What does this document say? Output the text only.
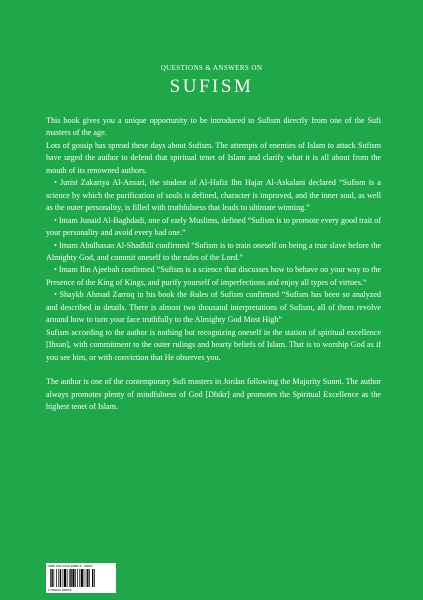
QUESTIONS & ANSWERS ON
SUFISM

This book gives you a unique opportunity to be introduced to Sufism directly from one of the Sufi masters of the age.

Lots of gossip has spread these days about Sufism. The attempts of enemies of Islam to attack Sufism have urged the author to defend that spiritual tenet of Islam and clarify what it is all about from the mouth of its renowned authors.

• Jurist Zakariya Al-Ansari, the student of Al-Hafiz Ibn Hajar Al-Askalani declared “Sufism is a science by which the purification of souls is defined, character is improved, and the inner soul, as well as the outer personality, is filled with truthfulness that leads to ultimate winning.”

• Imam Junaid Al-Baghdadi, one of early Muslims, defined “Sufism is to promote every good trait of your personality and avoid every bad one.”

• Imam Abulhasan Al-Shadhili confirmed “Sufism is to train oneself on being a true slave before the Almighty God, and commit oneself to the rules of the Lord.”

• Imam Ibn Ajeebah confirmed “Sufism is a science that discusses how to behave on your way to the Presence of the King of Kings, and purify yourself of imperfections and enjoy all types of virtues.”

• Shaykh Ahmad Zarroq in his book the Rules of Sufism confirmed “Sufism has been so analyzed and described in details. There is almost two thousand interpretations of Sufism, all of them revolve around how to turn your face truthfully to the Almighty God Most High”

Sufism according to the author is nothing but recognizing oneself in the station of spiritual excellence [Ihsan], with commitment to the outer rulings and hearty beliefs of Islam. That is to worship God as if you see him, or with conviction that He observes you.

The author is one of the contemporary Sufi masters in Jordan following the Majority Sunni. The author always promotes plenty of mindfulness of God [Dhikr] and promotes the Spiritual Excellence as the highest tenet of Islam.

ISBN 978-0-244-10583-9 90000
9 780244 105839
